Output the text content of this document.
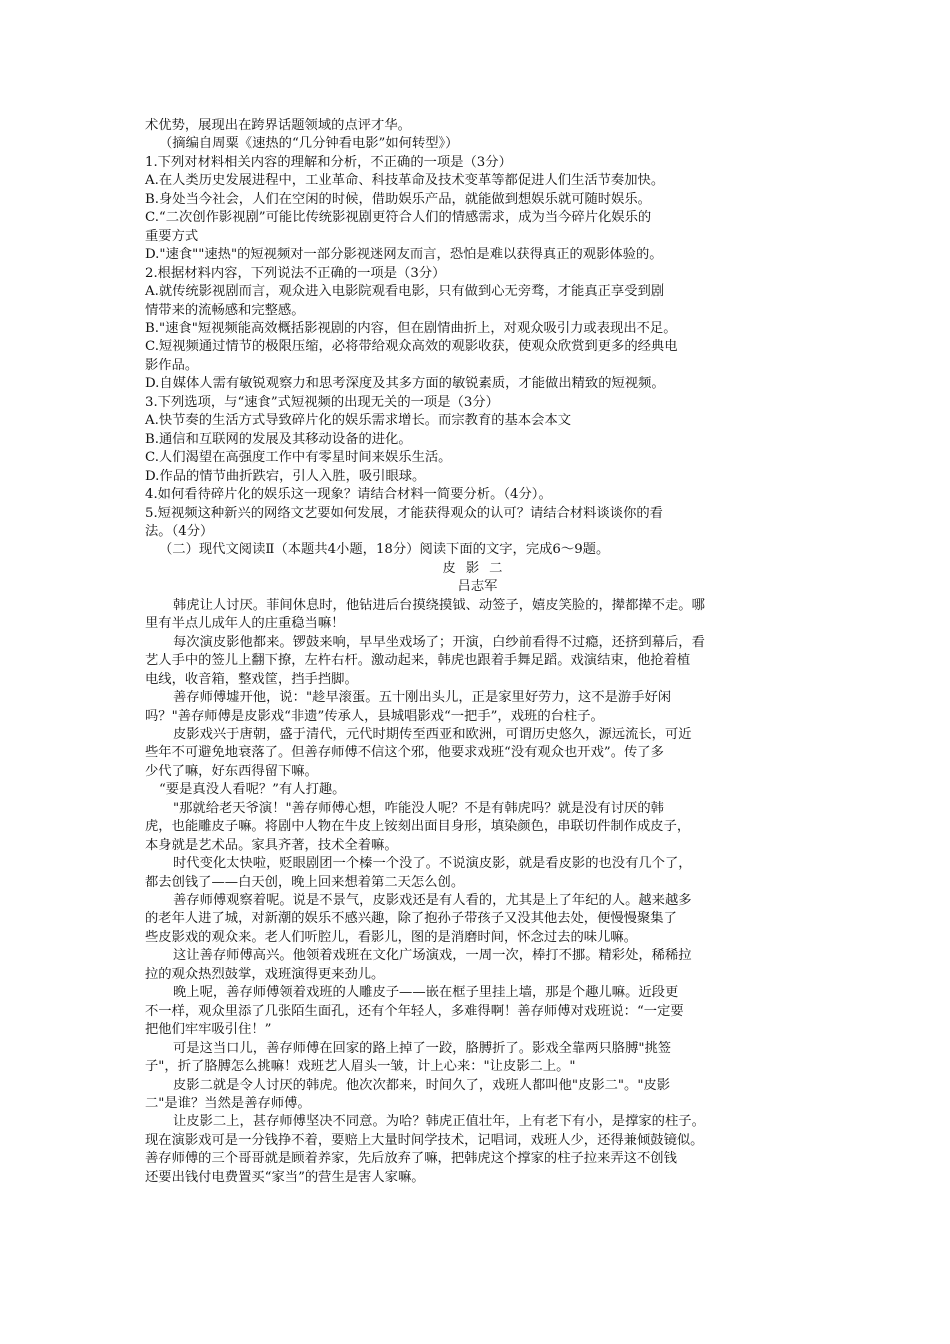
术优势，展现出在跨界话题领域的点评才华。

（摘编自周粟《速热的“几分钟看电影”如何转型》）

1.下列对材料相关内容的理解和分析，不正确的一项是（3分）

A.在人类历史发展进程中，工业革命、科技革命及技术变革等都促进人们生活节奏加快。

B.身处当今社会，人们在空闲的时候，借助娱乐产品，就能做到想娱乐就可随时娱乐。

C.“二次创作影视剧”可能比传统影视剧更符合人们的情感需求，成为当今碎片化娱乐的

重要方式

D."速食""速热"的短视频对一部分影视迷网友而言，恐怕是难以获得真正的观影体验的。

2.根据材料内容，下列说法不正确的一项是（3分）

A.就传统影视剧而言，观众进入电影院观看电影，只有做到心无旁骛，才能真正享受到剧

情带来的流畅感和完整感。

B."速食"短视频能高效概括影视剧的内容，但在剧情曲折上，对观众吸引力或表现出不足。

C.短视频通过情节的极限压缩，必将带给观众高效的观影收获，使观众欣赏到更多的经典电

影作品。

D.自媒体人需有敏锐观察力和思考深度及其多方面的敏锐素质，才能做出精致的短视频。

3.下列选项，与“速食”式短视频的出现无关的一项是（3分）

A.快节奏的生活方式导致碎片化的娱乐需求增长。而宗教育的基本会本文

B.通信和互联网的发展及其移动设备的进化。

C.人们渴望在高强度工作中有零星时间来娱乐生活。

D.作品的情节曲折跌宕，引人入胜，吸引眼球。

4.如何看待碎片化的娱乐这一现象？请结合材料一简要分析。（4分）。

5.短视频这种新兴的网络文艺要如何发展，才能获得观众的认可？请结合材料谈谈你的看

法。（4分）

（二）现代文阅读Ⅱ（本题共4小题，18分）阅读下面的文字，完成6～9题。

皮影二

吕志军

韩虎让人讨厌。菲间休息时，他钻进后台摸绕摸钺、动签子，嬉皮笑脸的，撵都撵不走。哪

里有半点儿成年人的庄重稳当嘛！

每次演皮影他都来。锣鼓来响，早早坐戏场了；开演，白纱前看得不过瘾，还挤到幕后，看

艺人手中的签儿上翻下撩，左杵右杆。激动起来，韩虎也跟着手舞足蹈。戏演结束，他抢着植

电线，收音箱，整戏筐，挡手挡脚。

善存师傅墟开他，说："趁早滚蛋。五十刚出头儿，正是家里好劳力，这不是游手好闲

吗？"善存师傅是皮影戏“非遗”传承人，县城唱影戏“一把手”，戏班的台柱子。

皮影戏兴于唐朝，盛于清代，元代时期传至西亚和欧洲，可谓历史悠久，源远流长，可近

些年不可避免地衰落了。但善存师傅不信这个邪，他要求戏班“没有观众也开戏”。传了多

少代了嘛，好东西得留下嘛。

“要是真没人看呢？”有人打趣。

"那就给老天爷演！"善存师傅心想，咋能没人呢？不是有韩虎吗？就是没有讨厌的韩

虎，也能雕皮子嘛。将剧中人物在牛皮上铵刻出面目身形，填染颜色，串联切件制作成皮子，

本身就是艺术品。家具齐著，技术全着嘛。

时代变化太快啦，贬眼剧团一个榛一个没了。不说演皮影，就是看皮影的也没有几个了，

都去创钱了——白天创，晚上回来想着第二天怎么创。

善存师傅观察着呢。说是不景气，皮影戏还是有人看的，尤其是上了年纪的人。越来越多

的老年人进了城，对新潮的娱乐不感兴趣，除了抱孙子带孩子又没其他去处，便慢慢聚集了

些皮影戏的观众来。老人们听腔儿，看影儿，图的是消磨时间，怀念过去的味儿嘛。

这让善存师傅高兴。他领着戏班在文化广场演戏，一周一次，棒打不挪。精彩处，稀稀拉

拉的观众热烈鼓掌，戏班演得更来劲儿。

晚上呢，善存师傅领着戏班的人雕皮子——嵌在框子里挂上墙，那是个趣儿嘛。近段更

不一样，观众里添了几张陌生面孔，还有个年轻人，多难得啊！善存师傅对戏班说：“一定要

把他们牢牢吸引住！”

可是这当口儿，善存师傅在回家的路上掉了一跤，胳膊折了。影戏全靠两只胳膊"挑签

子"，折了胳膊怎么挑嘛！戏班艺人眉头一皱，计上心来："让皮影二上。"

皮影二就是令人讨厌的韩虎。他次次都来，时间久了，戏班人都叫他"皮影二"。"皮影

二"是谁？当然是善存师傅。

让皮影二上，甚存师傅坚决不同意。为哈？韩虎正值壮年，上有老下有小，是撑家的柱子。

现在演影戏可是一分钱挣不着，要赔上大量时间学技术，记唱词，戏班人少，还得兼倾鼓镜似。

善存师傅的三个哥哥就是顾着养家，先后放弃了嘛，把韩虎这个撑家的柱子拉来弄这不创钱

还要出钱付电费置买“家当”的营生是害人家嘛。
